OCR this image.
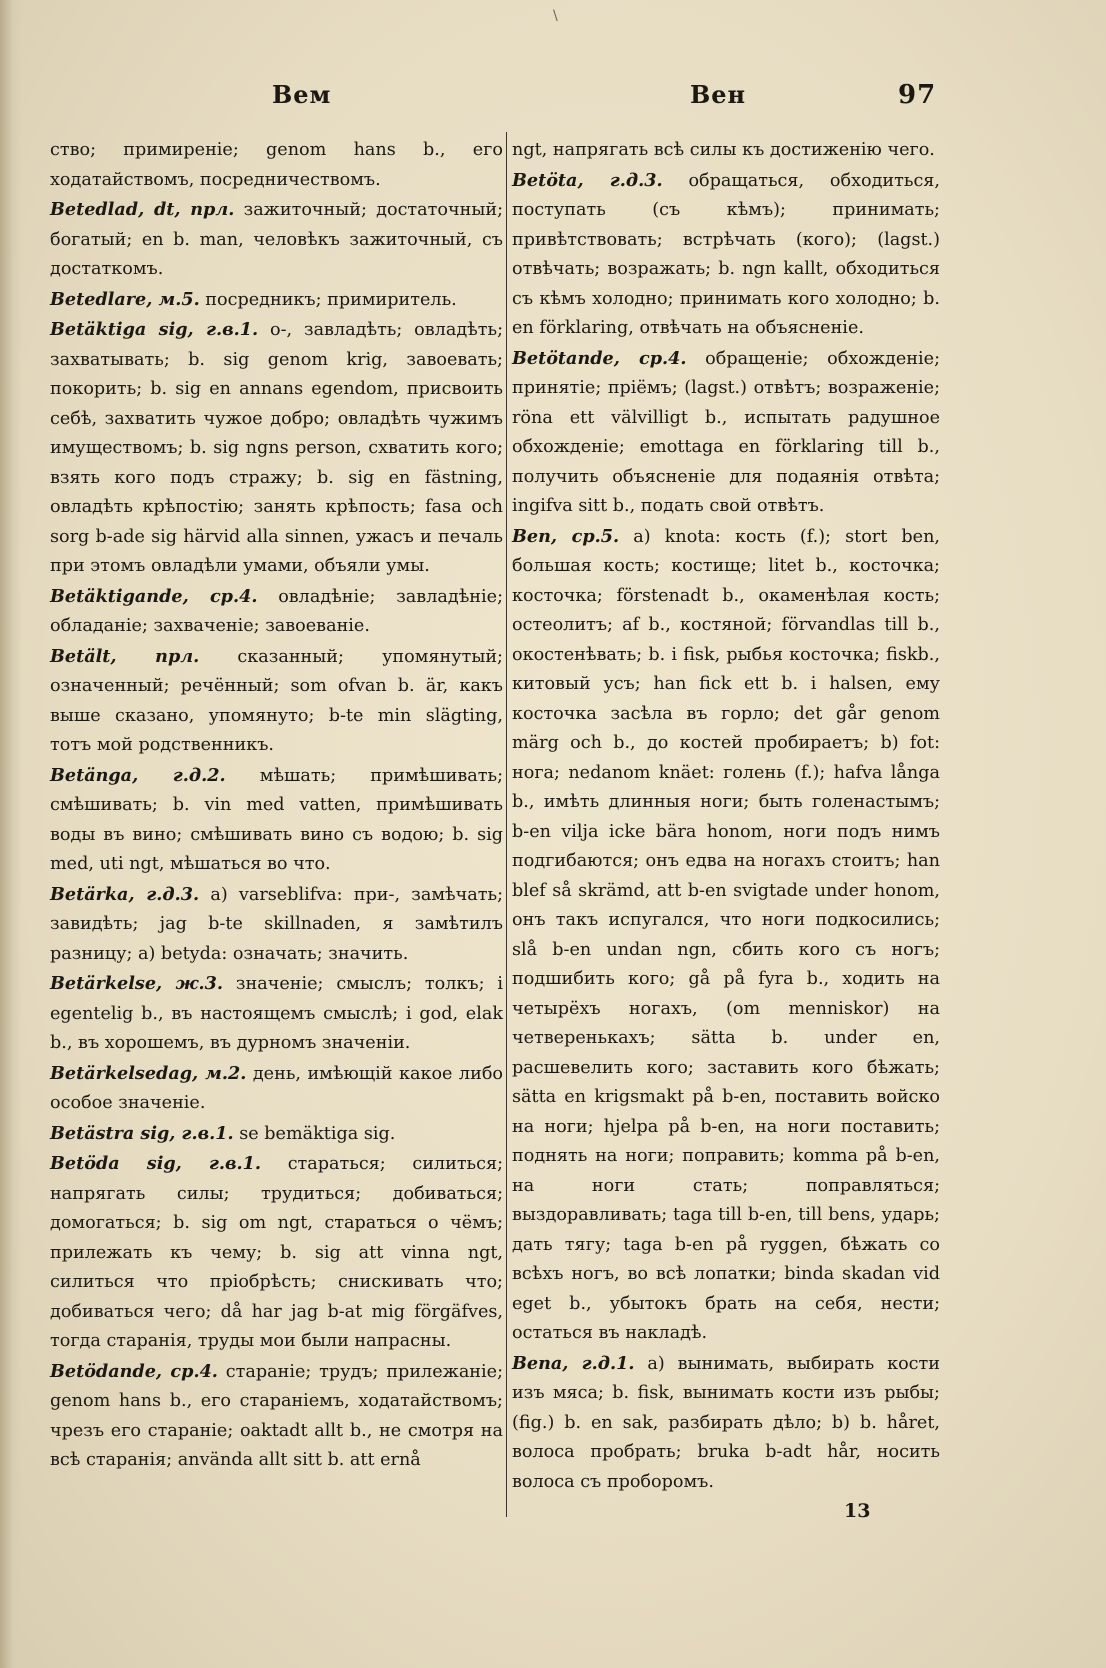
\
Вем	Вен	97

ство; примиреніе; genom hans b., его ходатайствомъ, посредничествомъ.

Betedlad, dt, прл. зажиточный; достаточный; богатый; en b. man, человѣкъ зажиточный, съ достаткомъ.

Betedlare, м.5. посредникъ; примиритель.

Betäktiga sig, г.в.1. о-, завладѣть; овладѣть; захватывать; b. sig genom krig, завоевать; покорить; b. sig en annans egendom, присвоить себѣ, захватить чужое добро; овладѣть чужимъ имуществомъ; b. sig ngns person, схватить кого; взять кого подъ стражу; b. sig en fästning, овладѣть крѣпостію; занять крѣпость; fasa och sorg b-ade sig härvid alla sinnen, ужасъ и печаль при этомъ овладѣли умами, объяли умы.

Betäktigande, ср.4. овладѣніе; завладѣніе; обладаніе; захваченіе; завоеваніе.

Betält, прл. сказанный; упомянутый; означенный; речённый; som ofvan b. är, какъ выше сказано, упомянуто; b-te min slägting, тотъ мой родственникъ.

Betänga, г.д.2. мѣшать; примѣшивать; смѣшивать; b. vin med vatten, примѣшивать воды въ вино; смѣшивать вино съ водою; b. sig med, uti ngt, мѣшаться во что.

Betärka, г.д.3. а) varseblifva: при-, замѣчать; завидѣть; jag b-te skillnaden, я замѣтилъ разницу; а) betyda: означать; значить.

Betärkelse, ж.3. значеніе; смыслъ; толкъ; i egentelig b., въ настоящемъ смыслѣ; i god, elak b., въ хорошемъ, въ дурномъ значеніи.

Betärkelsedag, м.2. день, имѣющій какое либо особое значеніе.

Betästra sig, г.в.1. se bemäktiga sig.

Betöda sig, г.в.1. стараться; силиться; напрягать силы; трудиться; добиваться; домогаться; b. sig om ngt, стараться о чёмъ; прилежать къ чему; b. sig att vinna ngt, силиться что пріобрѣсть; снискивать что; добиваться чего; då har jag b-at mig förgäfves, тогда старанія, труды мои были напрасны.

Betödande, ср.4. стараніе; трудъ; прилежаніе; genom hans b., его стараніемъ, ходатайствомъ; чрезъ его стараніе; oaktadt allt b., не смотря на всѣ старанія; använda allt sitt b. att ernå

ngt, напрягать всѣ силы къ достиженію чего.

Betöta, г.д.3. обращаться, обходиться, поступать (съ кѣмъ); принимать; привѣтствовать; встрѣчать (кого); (lagst.) отвѣчать; возражать; b. ngn kallt, обходиться съ кѣмъ холодно; принимать кого холодно; b. en förklaring, отвѣчать на объясненіе.

Betötande, ср.4. обращеніе; обхожденіе; принятіе; пріёмъ; (lagst.) отвѣтъ; возраженіе; röna ett välvilligt b., испытать радушное обхожденіе; emottaga en förklaring till b., получить объясненіе для подаянія отвѣта; ingifva sitt b., подать свой отвѣтъ.

Ben, ср.5. а) knota: кость (f.); stort ben, большая кость; костище; litet b., косточка; косточка; förstenadt b., окаменѣлая кость; остеолитъ; af b., костяной; förvandlas till b., окостенѣвать; b. i fisk, рыбья косточка; fiskb., китовый усъ; han fick ett b. i halsen, ему косточка засѣла въ горло; det går genom märg och b., до костей пробираетъ; b) fot: нога; nedanom knäet: голень (f.); hafva långa b., имѣть длинныя ноги; быть голенастымъ; b-en vilja icke bära honom, ноги подъ нимъ подгибаются; онъ едва на ногахъ стоитъ; han blef så skrämd, att b-en svigtade under honom, онъ такъ испугался, что ноги подкосились; slå b-en undan ngn, сбить кого съ ногъ; подшибить кого; gå på fyra b., ходить на четырёхъ ногахъ, (om menniskor) на четверенькахъ; sätta b. under en, расшевелить кого; заставить кого бѣжать; sätta en krigsmakt på b-en, поставить войско на ноги; hjelpa på b-en, на ноги поставить; поднять на ноги; поправить; komma på b-en, на ноги стать; поправляться; выздоравливать; taga till b-en, till bens, ударь; дать тягу; taga b-en på ryggen, бѣжать со всѣхъ ногъ, во всѣ лопатки; binda skadan vid eget b., убытокъ брать на себя, нести; остаться въ накладѣ.

Bena, г.д.1. а) вынимать, выбирать кости изъ мяса; b. fisk, вынимать кости изъ рыбы; (fig.) b. en sak, разбирать дѣло; b) b. håret, волоса пробрать; bruka b-adt hår, носить волоса съ проборомъ.

13
